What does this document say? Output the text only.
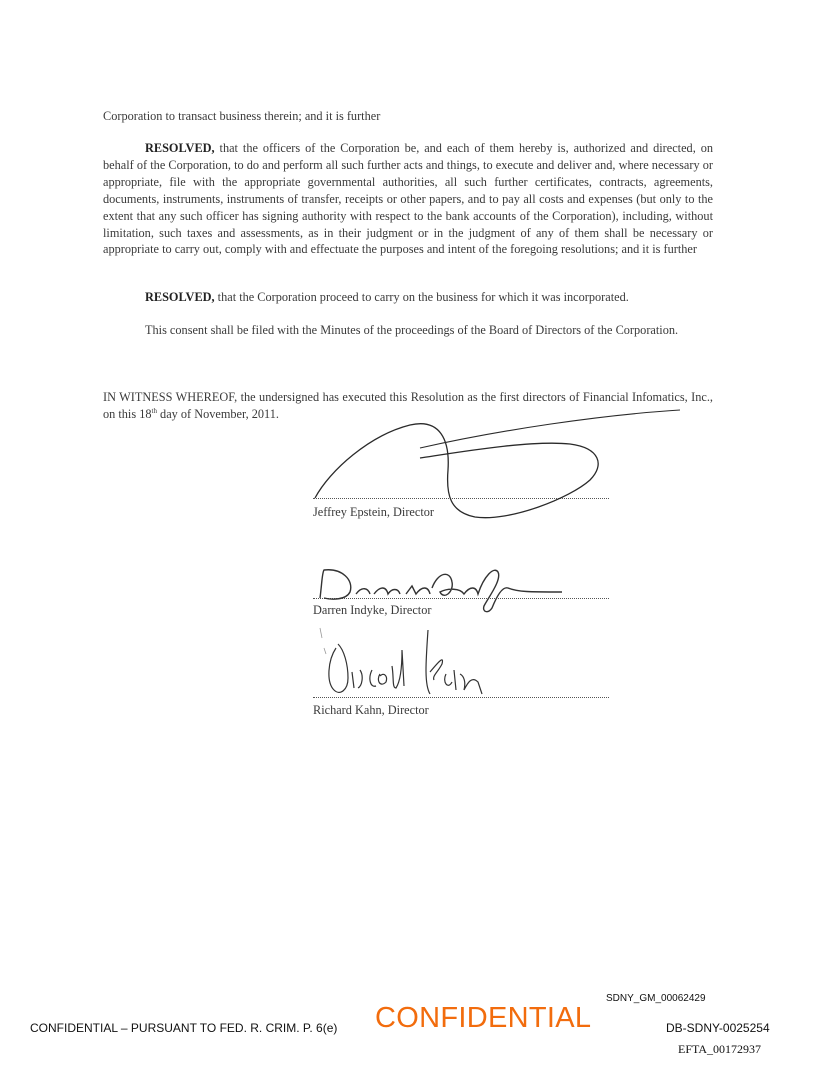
Corporation to transact business therein; and it is further

RESOLVED, that the officers of the Corporation be, and each of them hereby is, authorized and directed, on behalf of the Corporation, to do and perform all such further acts and things, to execute and deliver and, where necessary or appropriate, file with the appropriate governmental authorities, all such further certificates, contracts, agreements, documents, instruments, instruments of transfer, receipts or other papers, and to pay all costs and expenses (but only to the extent that any such officer has signing authority with respect to the bank accounts of the Corporation), including, without limitation, such taxes and assessments, as in their judgment or in the judgment of any of them shall be necessary or appropriate to carry out, comply with and effectuate the purposes and intent of the foregoing resolutions; and it is further

RESOLVED, that the Corporation proceed to carry on the business for which it was incorporated.

This consent shall be filed with the Minutes of the proceedings of the Board of Directors of the Corporation.

IN WITNESS WHEREOF, the undersigned has executed this Resolution as the first directors of Financial Infomatics, Inc., on this 18th day of November, 2011.

Jeffrey Epstein, Director
Darren Indyke, Director
Richard Kahn, Director
SDNY_GM_00062429
CONFIDENTIAL – PURSUANT TO FED. R. CRIM. P. 6(e) CONFIDENTIAL	DB-SDNY-0025254
EFTA_00172937
